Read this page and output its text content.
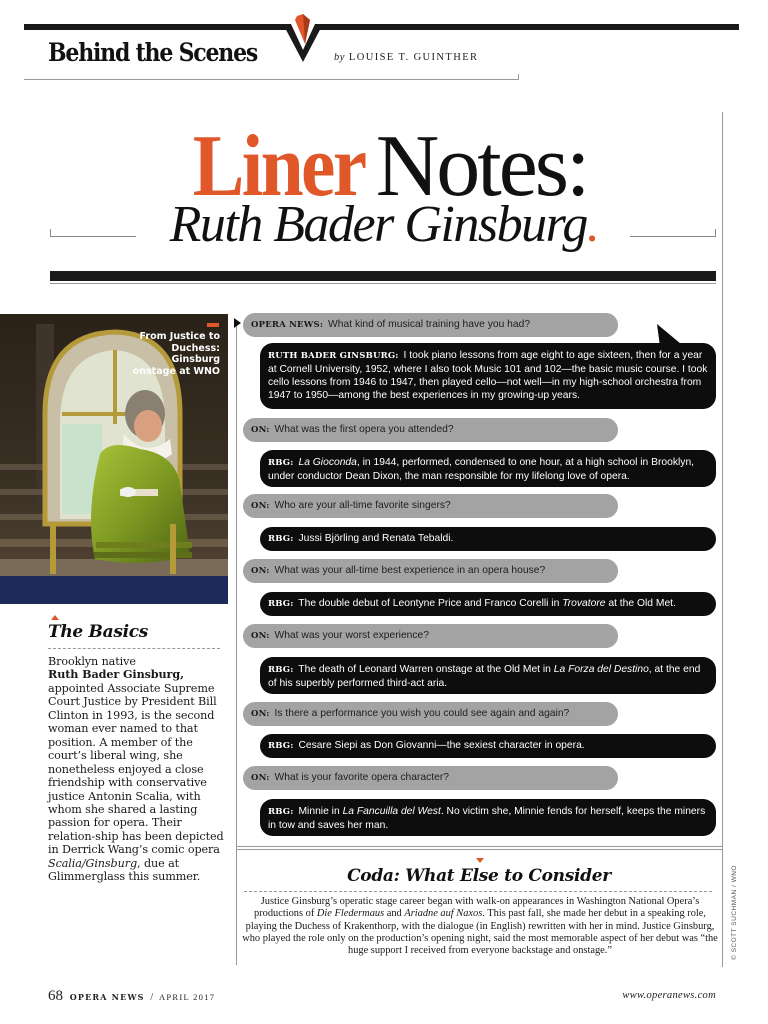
Behind the Scenes	by LOUISE T. GUINTHER
Liner Notes:
Ruth Bader Ginsburg.
From Justice to Duchess: Ginsburg onstage at WNO
OPERA NEWS: What kind of musical training have you had?
RUTH BADER GINSBURG: I took piano lessons from age eight to age sixteen, then for a year at Cornell University, 1952, where I also took Music 101 and 102—the basic music course. I took cello lessons from 1946 to 1947, then played cello—not well—in my high-school orchestra from 1947 to 1950—among the best experiences in my growing-up years.
ON: What was the first opera you attended?
RBG: La Gioconda, in 1944, performed, condensed to one hour, at a high school in Brooklyn, under conductor Dean Dixon, the man responsible for my lifelong love of opera.
ON: Who are your all-time favorite singers?
RBG: Jussi Björling and Renata Tebaldi.
ON: What was your all-time best experience in an opera house?
RBG: The double debut of Leontyne Price and Franco Corelli in Trovatore at the Old Met.
ON: What was your worst experience?
RBG: The death of Leonard Warren onstage at the Old Met in La Forza del Destino, at the end of his superbly performed third-act aria.
ON: Is there a performance you wish you could see again and again?
RBG: Cesare Siepi as Don Giovanni—the sexiest character in opera.
ON: What is your favorite opera character?
RBG: Minnie in La Fancuilla del West. No victim she, Minnie fends for herself, keeps the miners in tow and saves her man.
The Basics
Brooklyn native
Ruth Bader Ginsburg, appointed Associate Supreme Court Justice by President Bill Clinton in 1993, is the second woman ever named to that position. A member of the court’s liberal wing, she nonetheless enjoyed a close friendship with conservative justice Antonin Scalia, with whom she shared a lasting passion for opera. Their relation-ship has been depicted in Derrick Wang’s comic opera Scalia/Ginsburg, due at Glimmerglass this summer.	Coda: What Else to Consider
Justice Ginsburg’s operatic stage career began with walk-on appearances in Washington National Opera’s productions of Die Fledermaus and Ariadne auf Naxos. This past fall, she made her debut in a speaking role, playing the Duchess of Krakenthorp, with the dialogue (in English) rewritten with her in mind. Justice Ginsburg, who played the role only on the production’s opening night, said the most memorable aspect of her debut was “the huge support I received from everyone backstage and onstage.”	© SCOTT SUCHMAN / WNO
68 OPERA NEWS / APRIL 2017	www.operanews.com
